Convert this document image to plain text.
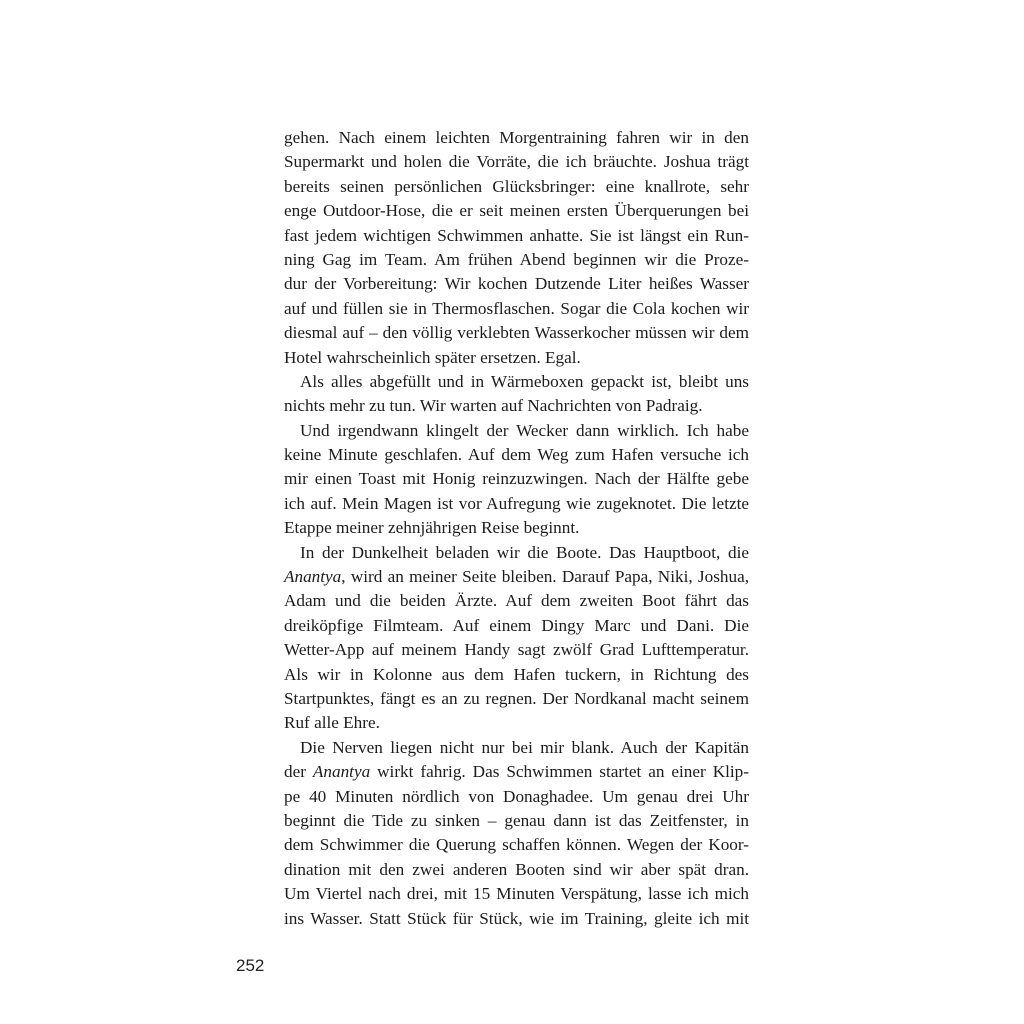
gehen. Nach einem leichten Morgentraining fahren wir in den
Supermarkt und holen die Vorräte, die ich bräuchte. Joshua trägt
bereits seinen persönlichen Glücksbringer: eine knallrote, sehr
enge Outdoor-Hose, die er seit meinen ersten Überquerungen bei
fast jedem wichtigen Schwimmen anhatte. Sie ist längst ein Run-
ning Gag im Team. Am frühen Abend beginnen wir die Proze-
dur der Vorbereitung: Wir kochen Dutzende Liter heißes Wasser
auf und füllen sie in Thermosflaschen. Sogar die Cola kochen wir
diesmal auf – den völlig verklebten Wasserkocher müssen wir dem
Hotel wahrscheinlich später ersetzen. Egal.
Als alles abgefüllt und in Wärmeboxen gepackt ist, bleibt uns
nichts mehr zu tun. Wir warten auf Nachrichten von Padraig.
Und irgendwann klingelt der Wecker dann wirklich. Ich habe
keine Minute geschlafen. Auf dem Weg zum Hafen versuche ich
mir einen Toast mit Honig reinzuzwingen. Nach der Hälfte gebe
ich auf. Mein Magen ist vor Aufregung wie zugeknotet. Die letzte
Etappe meiner zehnjährigen Reise beginnt.
In der Dunkelheit beladen wir die Boote. Das Hauptboot, die
Anantya, wird an meiner Seite bleiben. Darauf Papa, Niki, Joshua,
Adam und die beiden Ärzte. Auf dem zweiten Boot fährt das
dreiköpfige Filmteam. Auf einem Dingy Marc und Dani. Die
Wetter-App auf meinem Handy sagt zwölf Grad Lufttemperatur.
Als wir in Kolonne aus dem Hafen tuckern, in Richtung des
Startpunktes, fängt es an zu regnen. Der Nordkanal macht seinem
Ruf alle Ehre.
Die Nerven liegen nicht nur bei mir blank. Auch der Kapitän
der Anantya wirkt fahrig. Das Schwimmen startet an einer Klip-
pe 40 Minuten nördlich von Donaghadee. Um genau drei Uhr
beginnt die Tide zu sinken – genau dann ist das Zeitfenster, in
dem Schwimmer die Querung schaffen können. Wegen der Koor-
dination mit den zwei anderen Booten sind wir aber spät dran.
Um Viertel nach drei, mit 15 Minuten Verspätung, lasse ich mich
ins Wasser. Statt Stück für Stück, wie im Training, gleite ich mit
252
